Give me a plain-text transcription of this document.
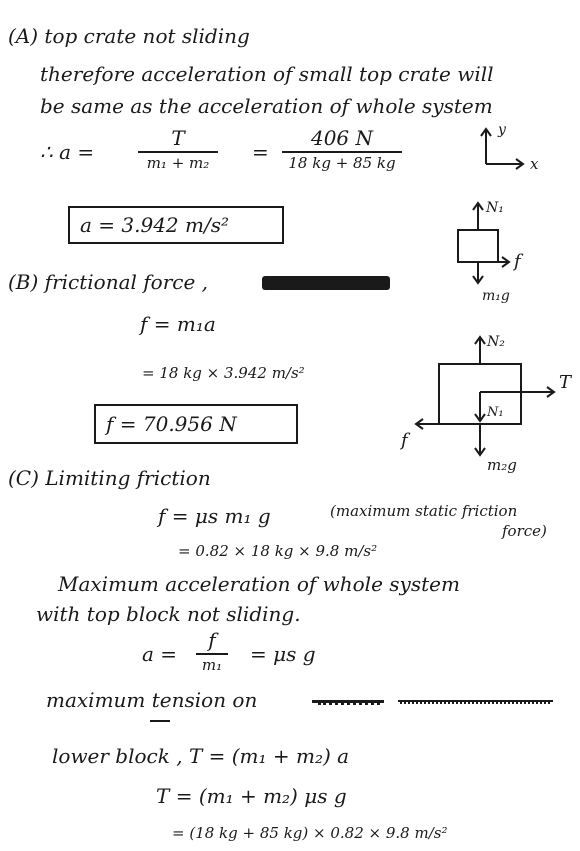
(A) top crate not sliding
therefore acceleration of small top crate will
be same as the acceleration of whole system
∴ a =
T
m₁ + m₂	=
406 N
18 kg + 85 kg
y
x
a = 3.942 m/s²
N₁
f
m₁g
(B) frictional force ,
f = m₁a
= 18 kg × 3.942 m/s²
f = 70.956 N
N₂
T
N₁
f
m₂g
(C) Limiting friction
f = μs m₁ g	(maximum static friction
force)
= 0.82 × 18 kg × 9.8 m/s²
Maximum acceleration of whole system
with top block not sliding.
a =
f
m₁ = μs g
maximum tension on
lower block , T = (m₁ + m₂) a
T = (m₁ + m₂) μs g
= (18 kg + 85 kg) × 0.82 × 9.8 m/s²
